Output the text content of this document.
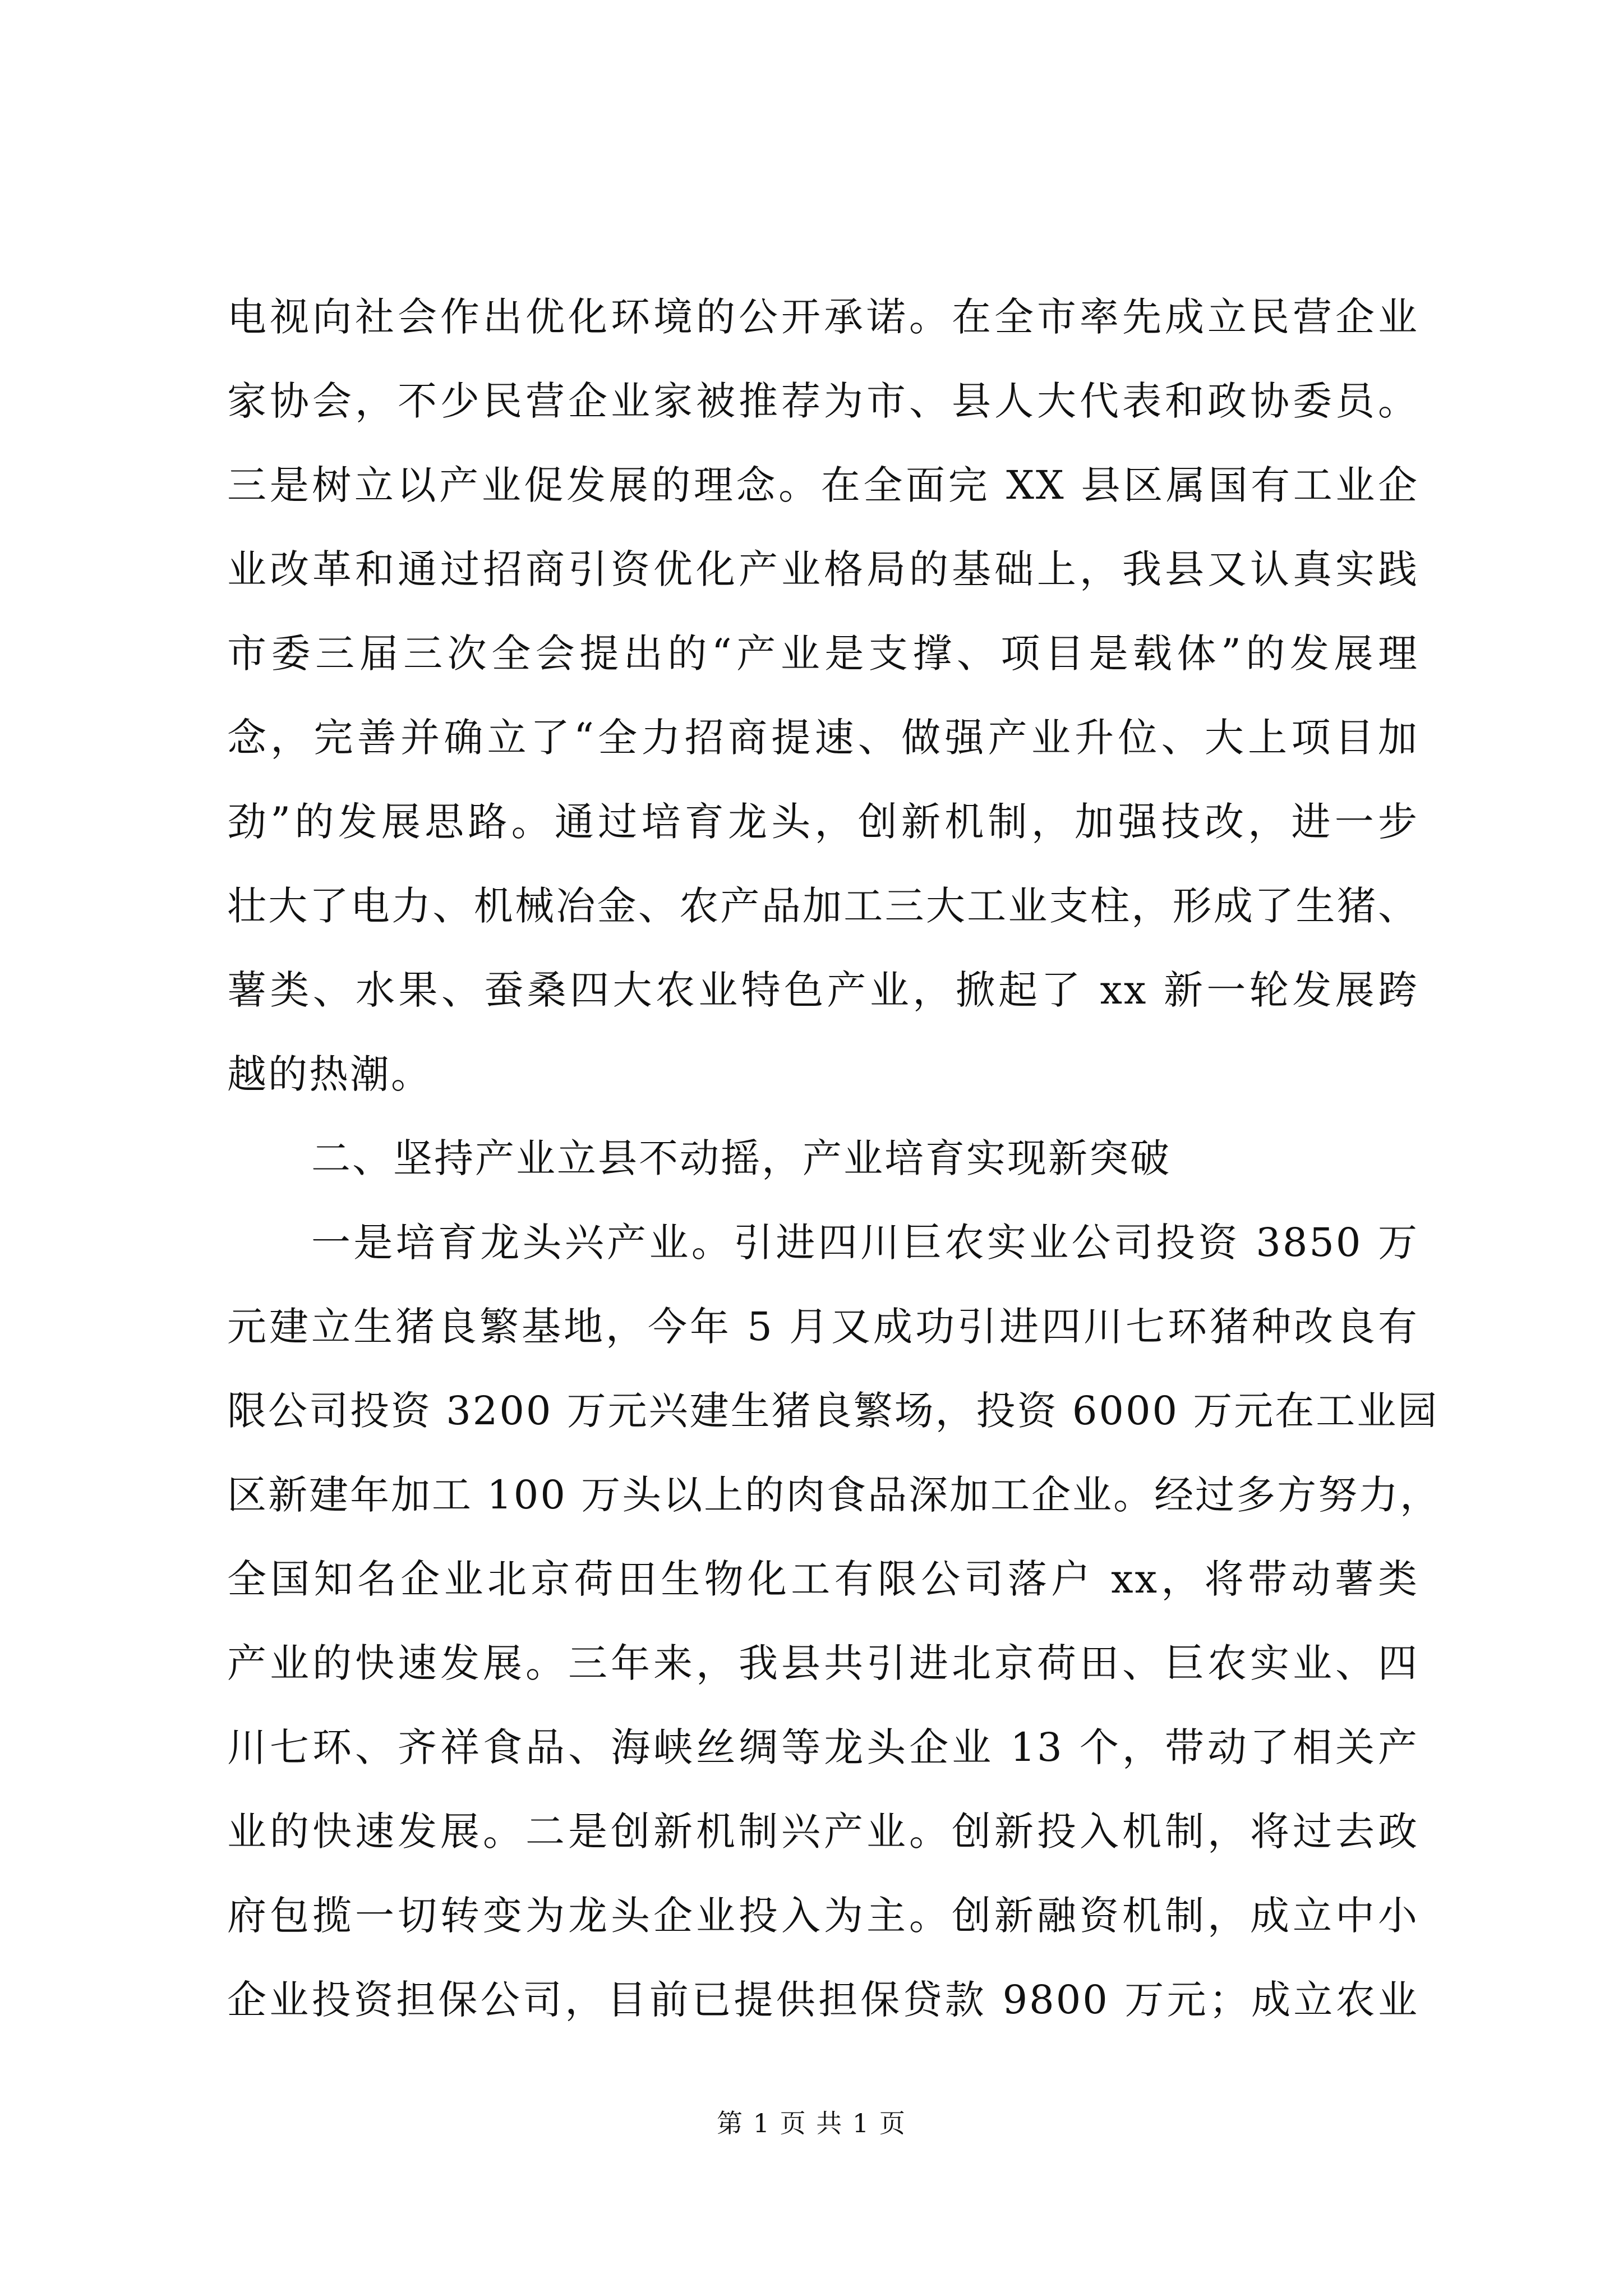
电视向社会作出优化环境的公开承诺。在全市率先成立民营企业
家协会，不少民营企业家被推荐为市、县人大代表和政协委员。
三是树立以产业促发展的理念。在全面完 XX 县区属国有工业企
业改革和通过招商引资优化产业格局的基础上，我县又认真实践
市委三届三次全会提出的“产业是支撑、项目是载体”的发展理
念，完善并确立了“全力招商提速、做强产业升位、大上项目加
劲”的发展思路。通过培育龙头，创新机制，加强技改，进一步
壮大了电力、机械冶金、农产品加工三大工业支柱，形成了生猪、
薯类、水果、蚕桑四大农业特色产业，掀起了 xx 新一轮发展跨
越的热潮。
二、坚持产业立县不动摇，产业培育实现新突破
一是培育龙头兴产业。引进四川巨农实业公司投资 3850 万
元建立生猪良繁基地，今年 5 月又成功引进四川七环猪种改良有
限公司投资 3200 万元兴建生猪良繁场，投资 6000 万元在工业园
区新建年加工 100 万头以上的肉食品深加工企业。经过多方努力，
全国知名企业北京荷田生物化工有限公司落户 xx，将带动薯类
产业的快速发展。三年来，我县共引进北京荷田、巨农实业、四
川七环、齐祥食品、海峡丝绸等龙头企业 13 个，带动了相关产
业的快速发展。二是创新机制兴产业。创新投入机制，将过去政
府包揽一切转变为龙头企业投入为主。创新融资机制，成立中小
企业投资担保公司，目前已提供担保贷款 9800 万元；成立农业
第 1 页 共 1 页
